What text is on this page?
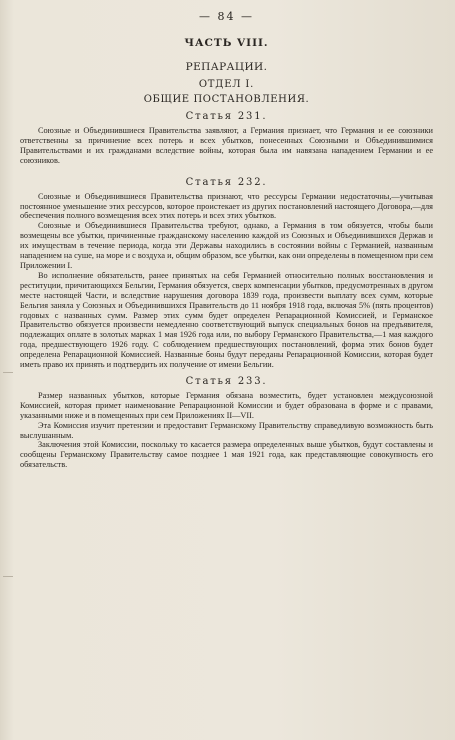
— 84 —
ЧАСТЬ VIII.
РЕПАРАЦИИ.
ОТДЕЛ I.
ОБЩИЕ ПОСТАНОВЛЕНИЯ.
Статья 231.

Союзные и Объединившиеся Правительства заявляют, а Германия признает, что Германия и ее союзники ответственны за причинение всех потерь и всех убытков, понесенных Союзными и Объединившимися Правительствами и их гражданами вследствие войны, которая была им навязана нападением Германии и ее союзников.

Статья 232.

Союзные и Объединившиеся Правительства признают, что рессурсы Германии недостаточны,—учитывая постоянное уменьшение этих рессурсов, которое проистекает из других постановлений настоящего Договора,—для обеспечения полного возмещения всех этих потерь и всех этих убытков.

Союзные и Объединившиеся Правительства требуют, однако, а Германия в том обязуется, чтобы были возмещены все убытки, причиненные гражданскому населению каждой из Союзных и Объединившихся Держав и их имуществам в течение периода, когда эти Державы находились в состоянии войны с Германией, названным нападением на суше, на море и с воздуха и, общим образом, все убытки, как они определены в помещенном при сем Приложении I.

Во исполнение обязательств, ранее принятых на себя Германией относительно полных восстановления и реституции, причитающихся Бельгии, Германия обязуется, сверх компенсации убытков, предусмотренных в другом месте настоящей Части, и вследствие нарушения договора 1839 года, произвести выплату всех сумм, которые Бельгия заняла у Союзных и Объединившихся Правительств до 11 ноября 1918 года, включая 5% (пять процентов) годовых с названных сумм. Размер этих сумм будет определен Репарационной Комиссией, и Германское Правительство обязуется произвести немедленно соответствующий выпуск специальных бонов на предъявителя, подлежащих оплате в золотых марках 1 мая 1926 года или, по выбору Германского Правительства,—1 мая каждого года, предшествующего 1926 году. С соблюдением предшествующих постановлений, форма этих бонов будет определена Репарационной Комиссией. Названные боны будут переданы Репарационной Комиссии, которая будет иметь право их принять и подтвердить их получение от имени Бельгии.

Статья 233.

Размер названных убытков, которые Германия обязана возместить, будет установлен междусоюзной Комиссией, которая примет наименование Репарационной Комиссии и будет образована в форме и с правами, указанными ниже и в помещенных при сем Приложениях II—VII.

Эта Комиссия изучит претензии и предоставит Германскому Правительству справедливую возможность быть выслушанным.

Заключения этой Комиссии, поскольку то касается размера определенных выше убытков, будут составлены и сообщены Германскому Правительству самое позднее 1 мая 1921 года, как представляющие совокупность его обязательств.
